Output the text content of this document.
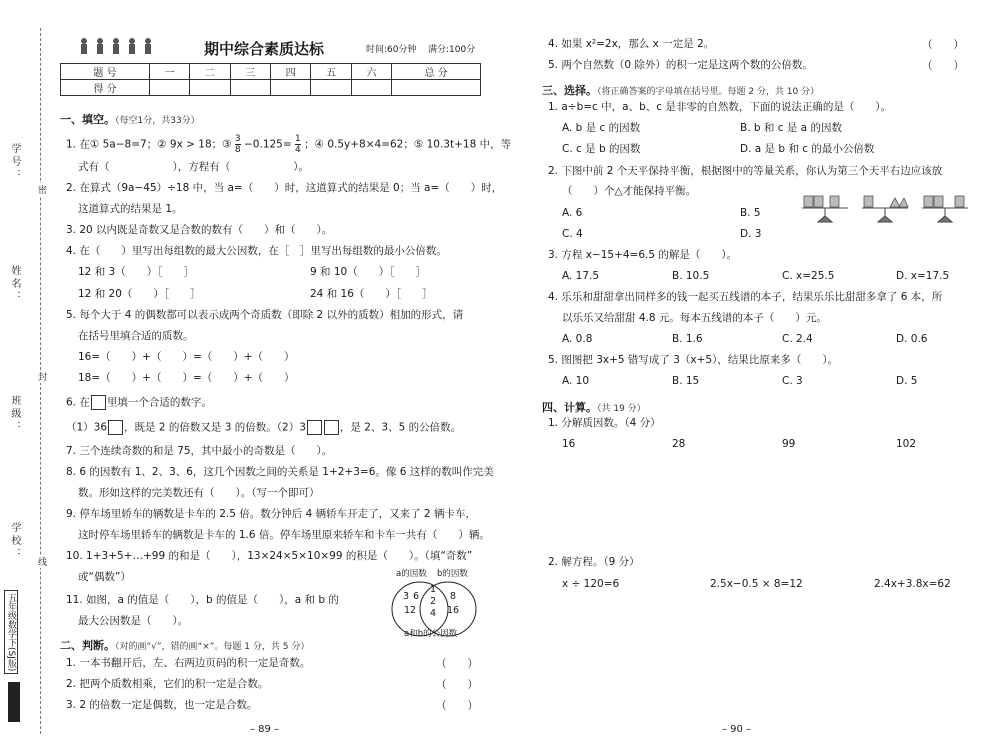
学号：
姓名：
班级：
学校：
密
封
线
五年级数学下(SJ版)
期中综合素质达标	时间:60分钟 满分:100分
题 号	一	二	三	四	五	六	总 分
得 分							
一、填空。（每空1分，共33分）
1. 在① 5a−8=7；② 9x > 18；③ $\frac{3}{8} -0.125= \frac{1}{4}$ ；④ 0.5y+8×4=62；⑤ 10.3t+18 中，等
式有（　　　　　　），方程有（　　　　　　）。
2. 在算式（9a−45）÷18 中，当 a=（　　）时，这道算式的结果是 0；当 a=（　　）时，
这道算式的结果是 1。
3. 20 以内既是奇数又是合数的数有（　　）和（　　）。
4. 在（　　）里写出每组数的最大公因数，在［　］里写出每组数的最小公倍数。
12 和 3（　　）［　　］	9 和 10（　　）［　　］
12 和 20（　　）［　　］	24 和 16（　　）［　　］
5. 每个大于 4 的偶数都可以表示成两个奇质数（即除 2 以外的质数）相加的形式，请
在括号里填合适的质数。
16=（　　）+（　　）=（　　）+（　　）
18=（　　）+（　　）=（　　）+（　　）
6. 在 里填一个合适的数字。
（1）36 ，既是 2 的倍数又是 3 的倍数。（2）3	，是 2、3、5 的公倍数。
7. 三个连续奇数的和是 75，其中最小的奇数是（　　）。
8. 6 的因数有 1、2、3、6，这几个因数之间的关系是 1+2+3=6。像 6 这样的数叫作完美
数。形如这样的完美数还有（　　）。（写一个即可）
9. 停车场里轿车的辆数是卡车的 2.5 倍。数分钟后 4 辆轿车开走了，又来了 2 辆卡车，
这时停车场里轿车的辆数是卡车的 1.6 倍。停车场里原来轿车和卡车一共有（　　）辆。
10. 1+3+5+…+99 的和是（　　），13×24×5×10×99 的积是（　　）。（填“奇数”
或“偶数”）
11. 如图，a 的值是（　　），b 的值是（　　），a 和 b 的
最大公因数是（　　）。
a的因数 b的因数
3 6
12
1
2
4
8
16
a和b的公因数
二、判断。（对的画“√”，错的画“×”。每题 1 分，共 5 分）
1. 一本书翻开后，左、右两边页码的积一定是奇数。	（　　）
2. 把两个质数相乘，它们的积一定是合数。	（　　）
3. 2 的倍数一定是偶数，也一定是合数。	（　　）
– 89 –
4. 如果 x²=2x，那么 x 一定是 2。	（　　）
5. 两个自然数（0 除外）的积一定是这两个数的公倍数。	（　　）
三、选择。（将正确答案的字母填在括号里。每题 2 分，共 10 分）
1. a÷b=c 中，a、b、c 是非零的自然数，下面的说法正确的是（　　）。
A. b 是 c 的因数	B. b 和 c 是 a 的因数
C. c 是 b 的因数	D. a 是 b 和 c 的最小公倍数
2. 下图中前 2 个天平保持平衡，根据图中的等量关系，你认为第三个天平右边应该放
（　　）个△才能保持平衡。
A. 6	B. 5
C. 4	D. 3
3. 方程 x−15+4=6.5 的解是（　　）。
A. 17.5	B. 10.5	C. x=25.5	D. x=17.5
4. 乐乐和甜甜拿出同样多的钱一起买五线谱的本子，结果乐乐比甜甜多拿了 6 本，所
以乐乐又给甜甜 4.8 元。每本五线谱的本子（　　）元。
A. 0.8	B. 1.6	C. 2.4	D. 0.6
5. 图图把 3x+5 错写成了 3（x+5），结果比原来多（　　）。
A. 10	B. 15	C. 3	D. 5
四、计算。（共 19 分）
1. 分解质因数。（4 分）
16	28	99	102
2. 解方程。（9 分）
x ÷ 120=6	2.5x−0.5 × 8=12	2.4x+3.8x=62
– 90 –
